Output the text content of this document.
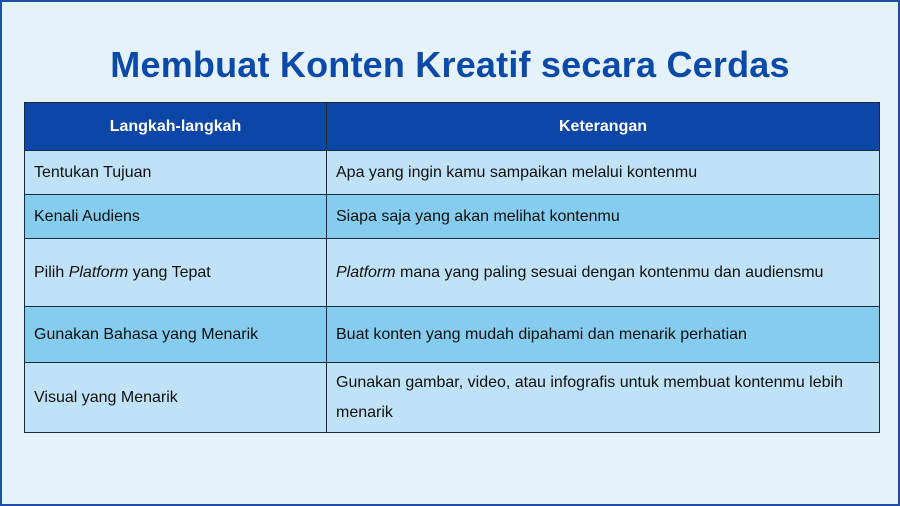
Membuat Konten Kreatif secara Cerdas
Langkah-langkah	Keterangan
Tentukan Tujuan	Apa yang ingin kamu sampaikan melalui kontenmu
Kenali Audiens	Siapa saja yang akan melihat kontenmu
Pilih Platform yang Tepat	Platform mana yang paling sesuai dengan kontenmu dan audiensmu
Gunakan Bahasa yang Menarik	Buat konten yang mudah dipahami dan menarik perhatian
Visual yang Menarik	Gunakan gambar, video, atau infografis untuk membuat kontenmu lebih menarik
